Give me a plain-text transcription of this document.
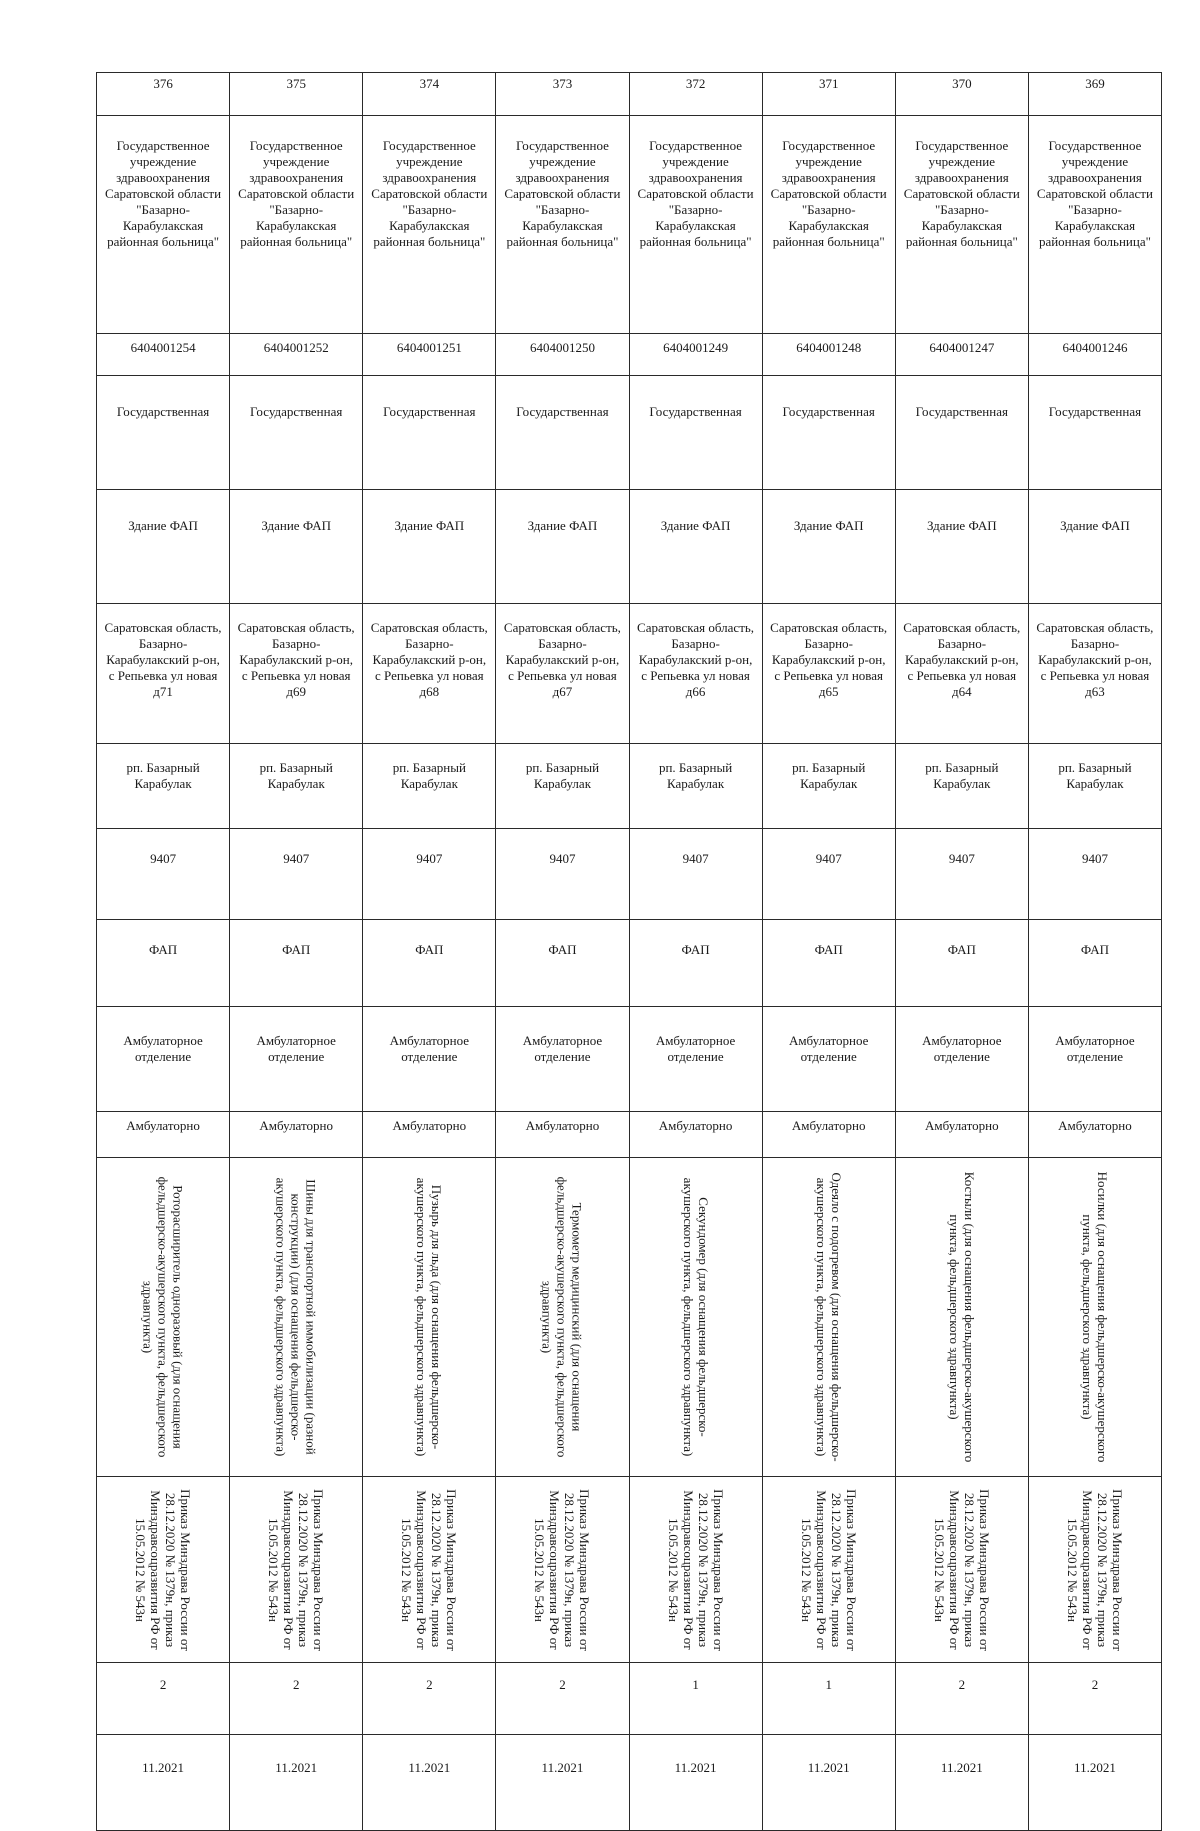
376	375	374	373	372	371	370	369

Государственное учреждение здравоохранения Саратовской области "Базарно-Карабулакская районная больница"	Государственное учреждение здравоохранения Саратовской области "Базарно-Карабулакская районная больница"	Государственное учреждение здравоохранения Саратовской области "Базарно-Карабулакская районная больница"	Государственное учреждение здравоохранения Саратовской области "Базарно-Карабулакская районная больница"	Государственное учреждение здравоохранения Саратовской области "Базарно-Карабулакская районная больница"	Государственное учреждение здравоохранения Саратовской области "Базарно-Карабулакская районная больница"	Государственное учреждение здравоохранения Саратовской области "Базарно-Карабулакская районная больница"	Государственное учреждение здравоохранения Саратовской области "Базарно-Карабулакская районная больница"

6404001254	6404001252	6404001251	6404001250	6404001249	6404001248	6404001247	6404001246

Государственная	Государственная	Государственная	Государственная	Государственная	Государственная	Государственная	Государственная

Здание ФАП	Здание ФАП	Здание ФАП	Здание ФАП	Здание ФАП	Здание ФАП	Здание ФАП	Здание ФАП

Саратовская область, Базарно-Карабулакский р-он, с Репьевка ул новая д71	Саратовская область, Базарно-Карабулакский р-он, с Репьевка ул новая д69	Саратовская область, Базарно-Карабулакский р-он, с Репьевка ул новая д68	Саратовская область, Базарно-Карабулакский р-он, с Репьевка ул новая д67	Саратовская область, Базарно-Карабулакский р-он, с Репьевка ул новая д66	Саратовская область, Базарно-Карабулакский р-он, с Репьевка ул новая д65	Саратовская область, Базарно-Карабулакский р-он, с Репьевка ул новая д64	Саратовская область, Базарно-Карабулакский р-он, с Репьевка ул новая д63

рп. Базарный Карабулак	рп. Базарный Карабулак	рп. Базарный Карабулак	рп. Базарный Карабулак	рп. Базарный Карабулак	рп. Базарный Карабулак	рп. Базарный Карабулак	рп. Базарный Карабулак

9407	9407	9407	9407	9407	9407	9407	9407

ФАП	ФАП	ФАП	ФАП	ФАП	ФАП	ФАП	ФАП

Амбулаторное отделение	Амбулаторное отделение	Амбулаторное отделение	Амбулаторное отделение	Амбулаторное отделение	Амбулаторное отделение	Амбулаторное отделение	Амбулаторное отделение

Амбулаторно	Амбулаторно	Амбулаторно	Амбулаторно	Амбулаторно	Амбулаторно	Амбулаторно	Амбулаторно

Роторасширитель одноразовый (для оснащения фельдшерско-акушерского пункта, фельдшерского здравпункта)	Шины для транспортной иммобилизации (разной конструкции) (для оснащения фельдшерско-акушерского пункта, фельдшерского здравпункта)	Пузырь для льда (для оснащения фельдшерско-акушерского пункта, фельдшерского здравпункта)	Термометр медицинский (для оснащения фельдшерско-акушерского пункта, фельдшерского здравпункта)	Секундомер (для оснащения фельдшерско-акушерского пункта, фельдшерского здравпункта)	Одеяло с подогревом (для оснащения фельдшерско-акушерского пункта, фельдшерского здравпункта)	Костыли (для оснащения фельдшерско-акушерского пункта, фельдшерского здравпункта)	Носилки (для оснащения фельдшерско-акушерского пункта, фельдшерского здравпункта)

Приказ Минздрава России от 28.12.2020 № 1379н, приказ Минздравсоцразвития РФ от 15.05.2012 № 543н	Приказ Минздрава России от 28.12.2020 № 1379н, приказ Минздравсоцразвития РФ от 15.05.2012 № 543н	Приказ Минздрава России от 28.12.2020 № 1379н, приказ Минздравсоцразвития РФ от 15.05.2012 № 543н	Приказ Минздрава России от 28.12.2020 № 1379н, приказ Минздравсоцразвития РФ от 15.05.2012 № 543н	Приказ Минздрава России от 28.12.2020 № 1379н, приказ Минздравсоцразвития РФ от 15.05.2012 № 543н	Приказ Минздрава России от 28.12.2020 № 1379н, приказ Минздравсоцразвития РФ от 15.05.2012 № 543н	Приказ Минздрава России от 28.12.2020 № 1379н, приказ Минздравсоцразвития РФ от 15.05.2012 № 543н	Приказ Минздрава России от 28.12.2020 № 1379н, приказ Минздравсоцразвития РФ от 15.05.2012 № 543н

2	2	2	2	1	1	2	2

11.2021	11.2021	11.2021	11.2021	11.2021	11.2021	11.2021	11.2021
